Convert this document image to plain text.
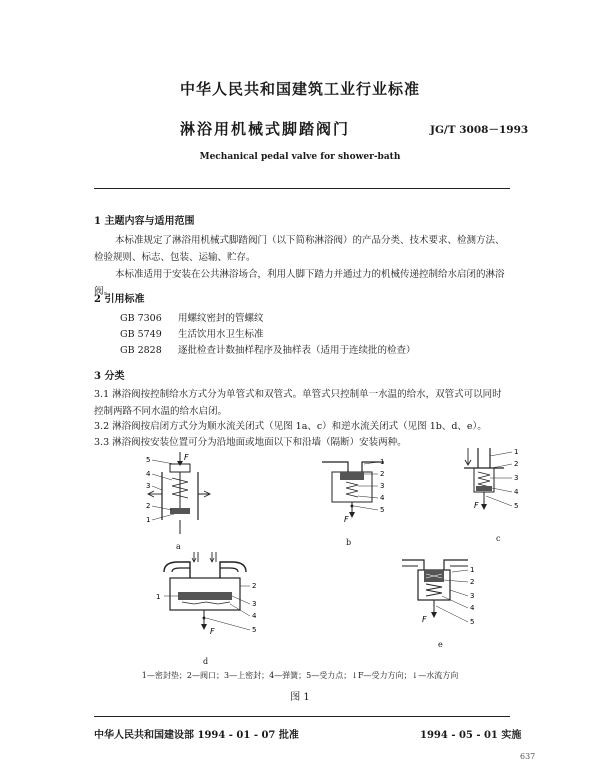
中华人民共和国建筑工业行业标准
淋浴用机械式脚踏阀门	JG/T 3008－1993
Mechanical pedal valve for shower-bath
1 主题内容与适用范围
本标准规定了淋浴用机械式脚踏阀门（以下简称淋浴阀）的产品分类、技术要求、检测方法、检验规则、标志、包装、运输、贮存。
本标准适用于安装在公共淋浴场合，利用人脚下踏力并通过力的机械传递控制给水启闭的淋浴阀。
2 引用标准
GB 7306 用螺纹密封的管螺纹
GB 5749 生活饮用水卫生标准
GB 2828 逐批检查计数抽样程序及抽样表（适用于连续批的检查）
3 分类
3.1 淋浴阀按控制给水方式分为单管式和双管式。单管式只控制单一水温的给水，双管式可以同时控制两路不同水温的给水启闭。
3.2 淋浴阀按启闭方式分为顺水流关闭式（见图 1a、c）和逆水流关闭式（见图 1b、d、e）。
3.3 淋浴阀按安装位置可分为沿地面或地面以下和沿墙（隔断）安装两种。
F
5
4
3
2
1
a
1
2
3
4
5
F
b
1
2
3
4
5
F
c
1
2
3
4
5
F
d
1
2
3
4
5
F
e
1—密封垫；2—阀口；3—上密封；4—弹簧；5—受力点；↓F—受力方向；↓—水流方向
图 1
中华人民共和国建设部 1994 - 01 - 07 批准	1994 - 05 - 01 实施
637
